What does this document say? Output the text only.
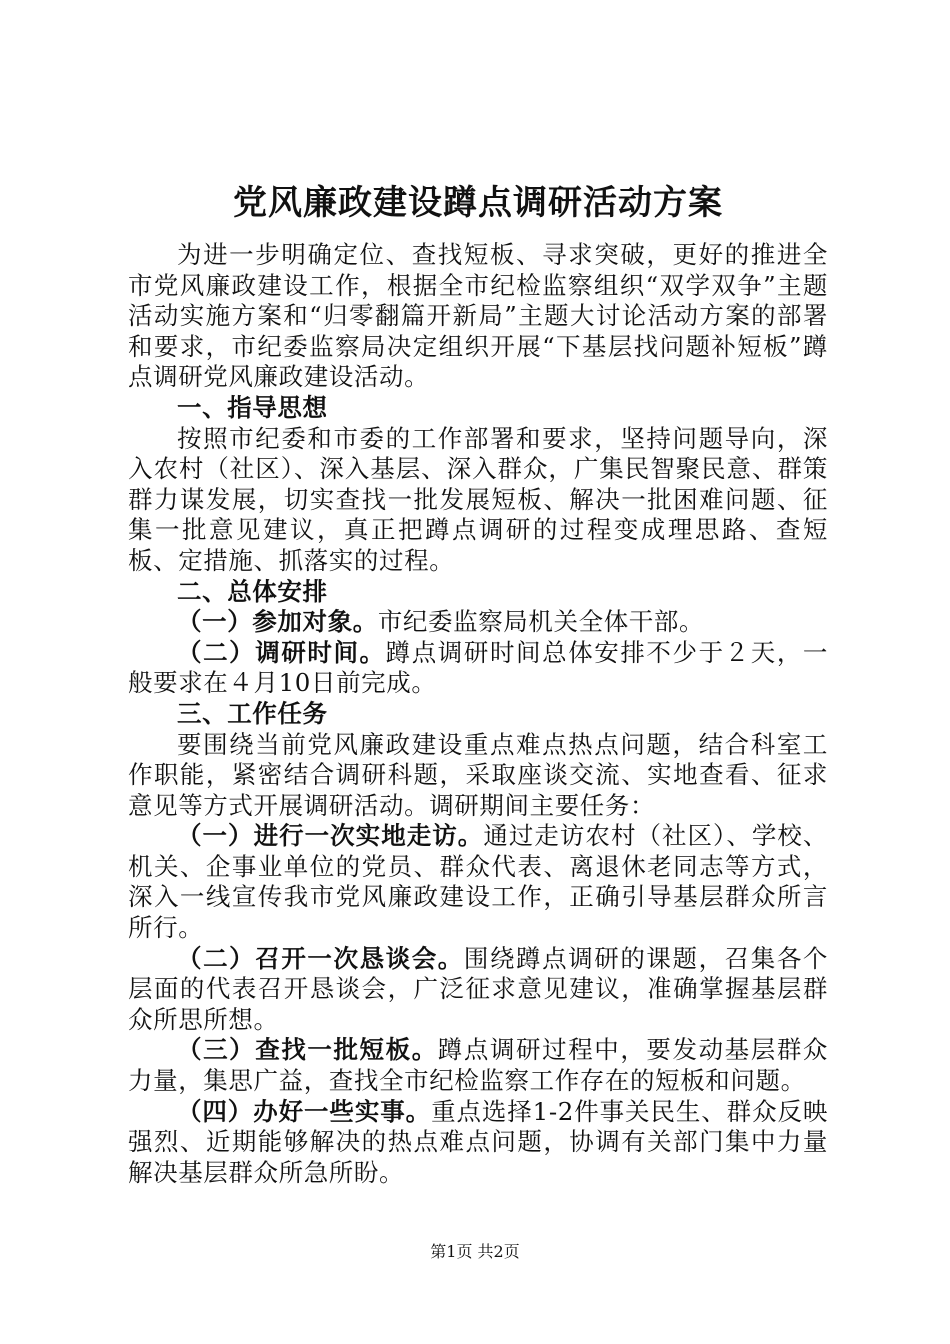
党风廉政建设蹲点调研活动方案

为进一步明确定位、查找短板、寻求突破，更好的推进全市党风廉政建设工作，根据全市纪检监察组织“双学双争”主题活动实施方案和“归零翻篇开新局”主题大讨论活动方案的部署和要求，市纪委监察局决定组织开展“下基层找问题补短板”蹲点调研党风廉政建设活动。

一、指导思想

按照市纪委和市委的工作部署和要求，坚持问题导向，深入农村（社区）、深入基层、深入群众，广集民智聚民意、群策群力谋发展，切实查找一批发展短板、解决一批困难问题、征集一批意见建议，真正把蹲点调研的过程变成理思路、查短板、定措施、抓落实的过程。

二、总体安排

（一）参加对象。市纪委监察局机关全体干部。

（二）调研时间。蹲点调研时间总体安排不少于２天，一般要求在４月10日前完成。

三、工作任务

要围绕当前党风廉政建设重点难点热点问题，结合科室工作职能，紧密结合调研科题，采取座谈交流、实地查看、征求意见等方式开展调研活动。调研期间主要任务：

（一）进行一次实地走访。通过走访农村（社区）、学校、机关、企事业单位的党员、群众代表、离退休老同志等方式，深入一线宣传我市党风廉政建设工作，正确引导基层群众所言所行。

（二）召开一次恳谈会。围绕蹲点调研的课题，召集各个层面的代表召开恳谈会，广泛征求意见建议，准确掌握基层群众所思所想。

（三）查找一批短板。蹲点调研过程中，要发动基层群众力量，集思广益，查找全市纪检监察工作存在的短板和问题。

（四）办好一些实事。重点选择1-2件事关民生、群众反映强烈、近期能够解决的热点难点问题，协调有关部门集中力量解决基层群众所急所盼。

第1页 共2页
